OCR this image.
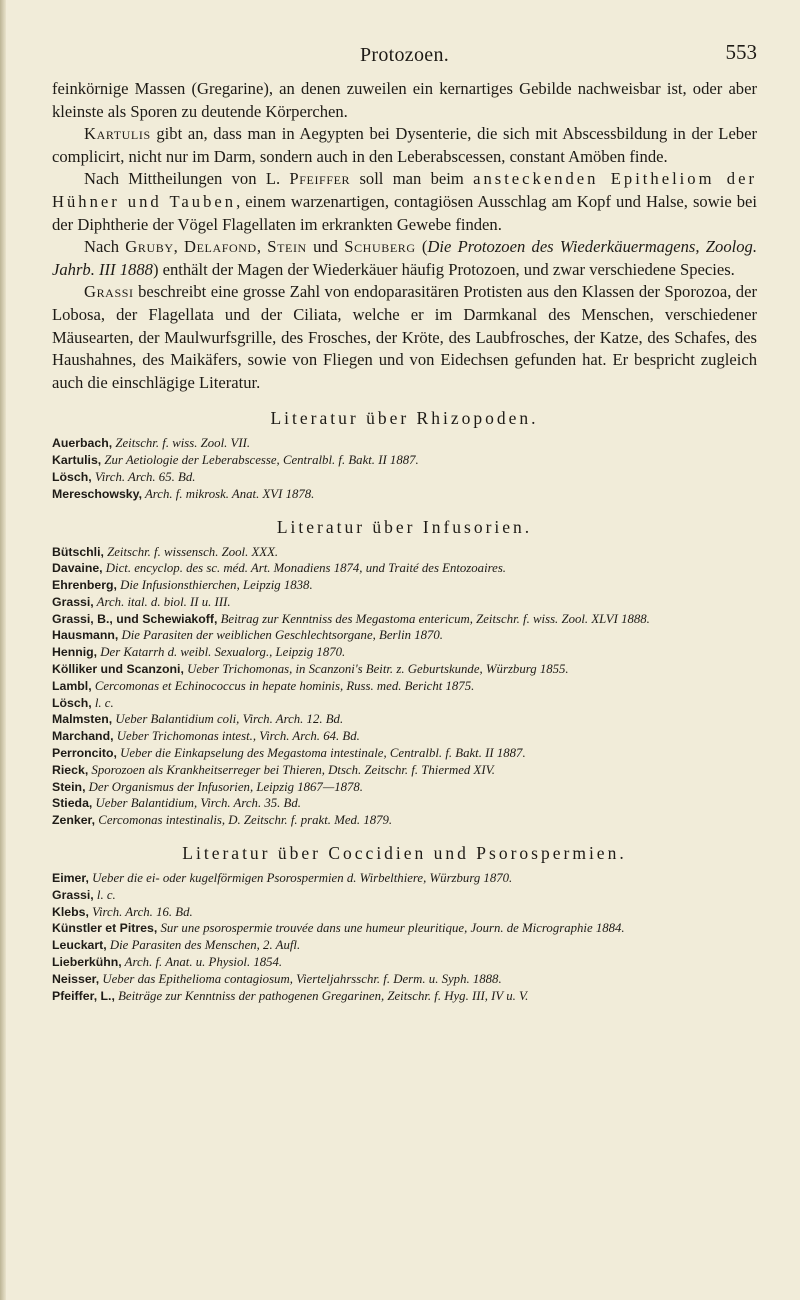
Protozoen.	553

feinkörnige Massen (Gregarine), an denen zuweilen ein kernartiges Gebilde nachweisbar ist, oder aber kleinste als Sporen zu deutende Körperchen.

Kartulis gibt an, dass man in Aegypten bei Dysenterie, die sich mit Abscessbildung in der Leber complicirt, nicht nur im Darm, sondern auch in den Leberabscessen, constant Amöben finde.

Nach Mittheilungen von L. Pfeiffer soll man beim ansteckenden Epitheliom der Hühner und Tauben, einem warzenartigen, contagiösen Ausschlag am Kopf und Halse, sowie bei der Diphtherie der Vögel Flagellaten im erkrankten Gewebe finden.

Nach Gruby, Delafond, Stein und Schuberg (Die Protozoen des Wiederkäuermagens, Zoolog. Jahrb. III 1888) enthält der Magen der Wiederkäuer häufig Protozoen, und zwar verschiedene Species.

Grassi beschreibt eine grosse Zahl von endoparasitären Protisten aus den Klassen der Sporozoa, der Lobosa, der Flagellata und der Ciliata, welche er im Darmkanal des Menschen, verschiedener Mäusearten, der Maulwurfsgrille, des Frosches, der Kröte, des Laubfrosches, der Katze, des Schafes, des Haushahnes, des Maikäfers, sowie von Fliegen und von Eidechsen gefunden hat. Er bespricht zugleich auch die einschlägige Literatur.

Literatur über Rhizopoden.
Auerbach, Zeitschr. f. wiss. Zool. VII.
Kartulis, Zur Aetiologie der Leberabscesse, Centralbl. f. Bakt. II 1887.
Lösch, Virch. Arch. 65. Bd.
Mereschowsky, Arch. f. mikrosk. Anat. XVI 1878.
Literatur über Infusorien.
Bütschli, Zeitschr. f. wissensch. Zool. XXX.
Davaine, Dict. encyclop. des sc. méd. Art. Monadiens 1874, und Traité des Entozoaires.
Ehrenberg, Die Infusionsthierchen, Leipzig 1838.
Grassi, Arch. ital. d. biol. II u. III.
Grassi, B., und Schewiakoff, Beitrag zur Kenntniss des Megastoma entericum, Zeitschr. f. wiss. Zool. XLVI 1888.
Hausmann, Die Parasiten der weiblichen Geschlechtsorgane, Berlin 1870.
Hennig, Der Katarrh d. weibl. Sexualorg., Leipzig 1870.
Kölliker und Scanzoni, Ueber Trichomonas, in Scanzoni's Beitr. z. Geburtskunde, Würzburg 1855.
Lambl, Cercomonas et Echinococcus in hepate hominis, Russ. med. Bericht 1875.
Lösch, l. c.
Malmsten, Ueber Balantidium coli, Virch. Arch. 12. Bd.
Marchand, Ueber Trichomonas intest., Virch. Arch. 64. Bd.
Perroncito, Ueber die Einkapselung des Megastoma intestinale, Centralbl. f. Bakt. II 1887.
Rieck, Sporozoen als Krankheitserreger bei Thieren, Dtsch. Zeitschr. f. Thiermed XIV.
Stein, Der Organismus der Infusorien, Leipzig 1867—1878.
Stieda, Ueber Balantidium, Virch. Arch. 35. Bd.
Zenker, Cercomonas intestinalis, D. Zeitschr. f. prakt. Med. 1879.
Literatur über Coccidien und Psorospermien.
Eimer, Ueber die ei- oder kugelförmigen Psorospermien d. Wirbelthiere, Würzburg 1870.
Grassi, l. c.
Klebs, Virch. Arch. 16. Bd.
Künstler et Pitres, Sur une psorospermie trouvée dans une humeur pleuritique, Journ. de Micrographie 1884.
Leuckart, Die Parasiten des Menschen, 2. Aufl.
Lieberkühn, Arch. f. Anat. u. Physiol. 1854.
Neisser, Ueber das Epithelioma contagiosum, Vierteljahrsschr. f. Derm. u. Syph. 1888.
Pfeiffer, L., Beiträge zur Kenntniss der pathogenen Gregarinen, Zeitschr. f. Hyg. III, IV u. V.
